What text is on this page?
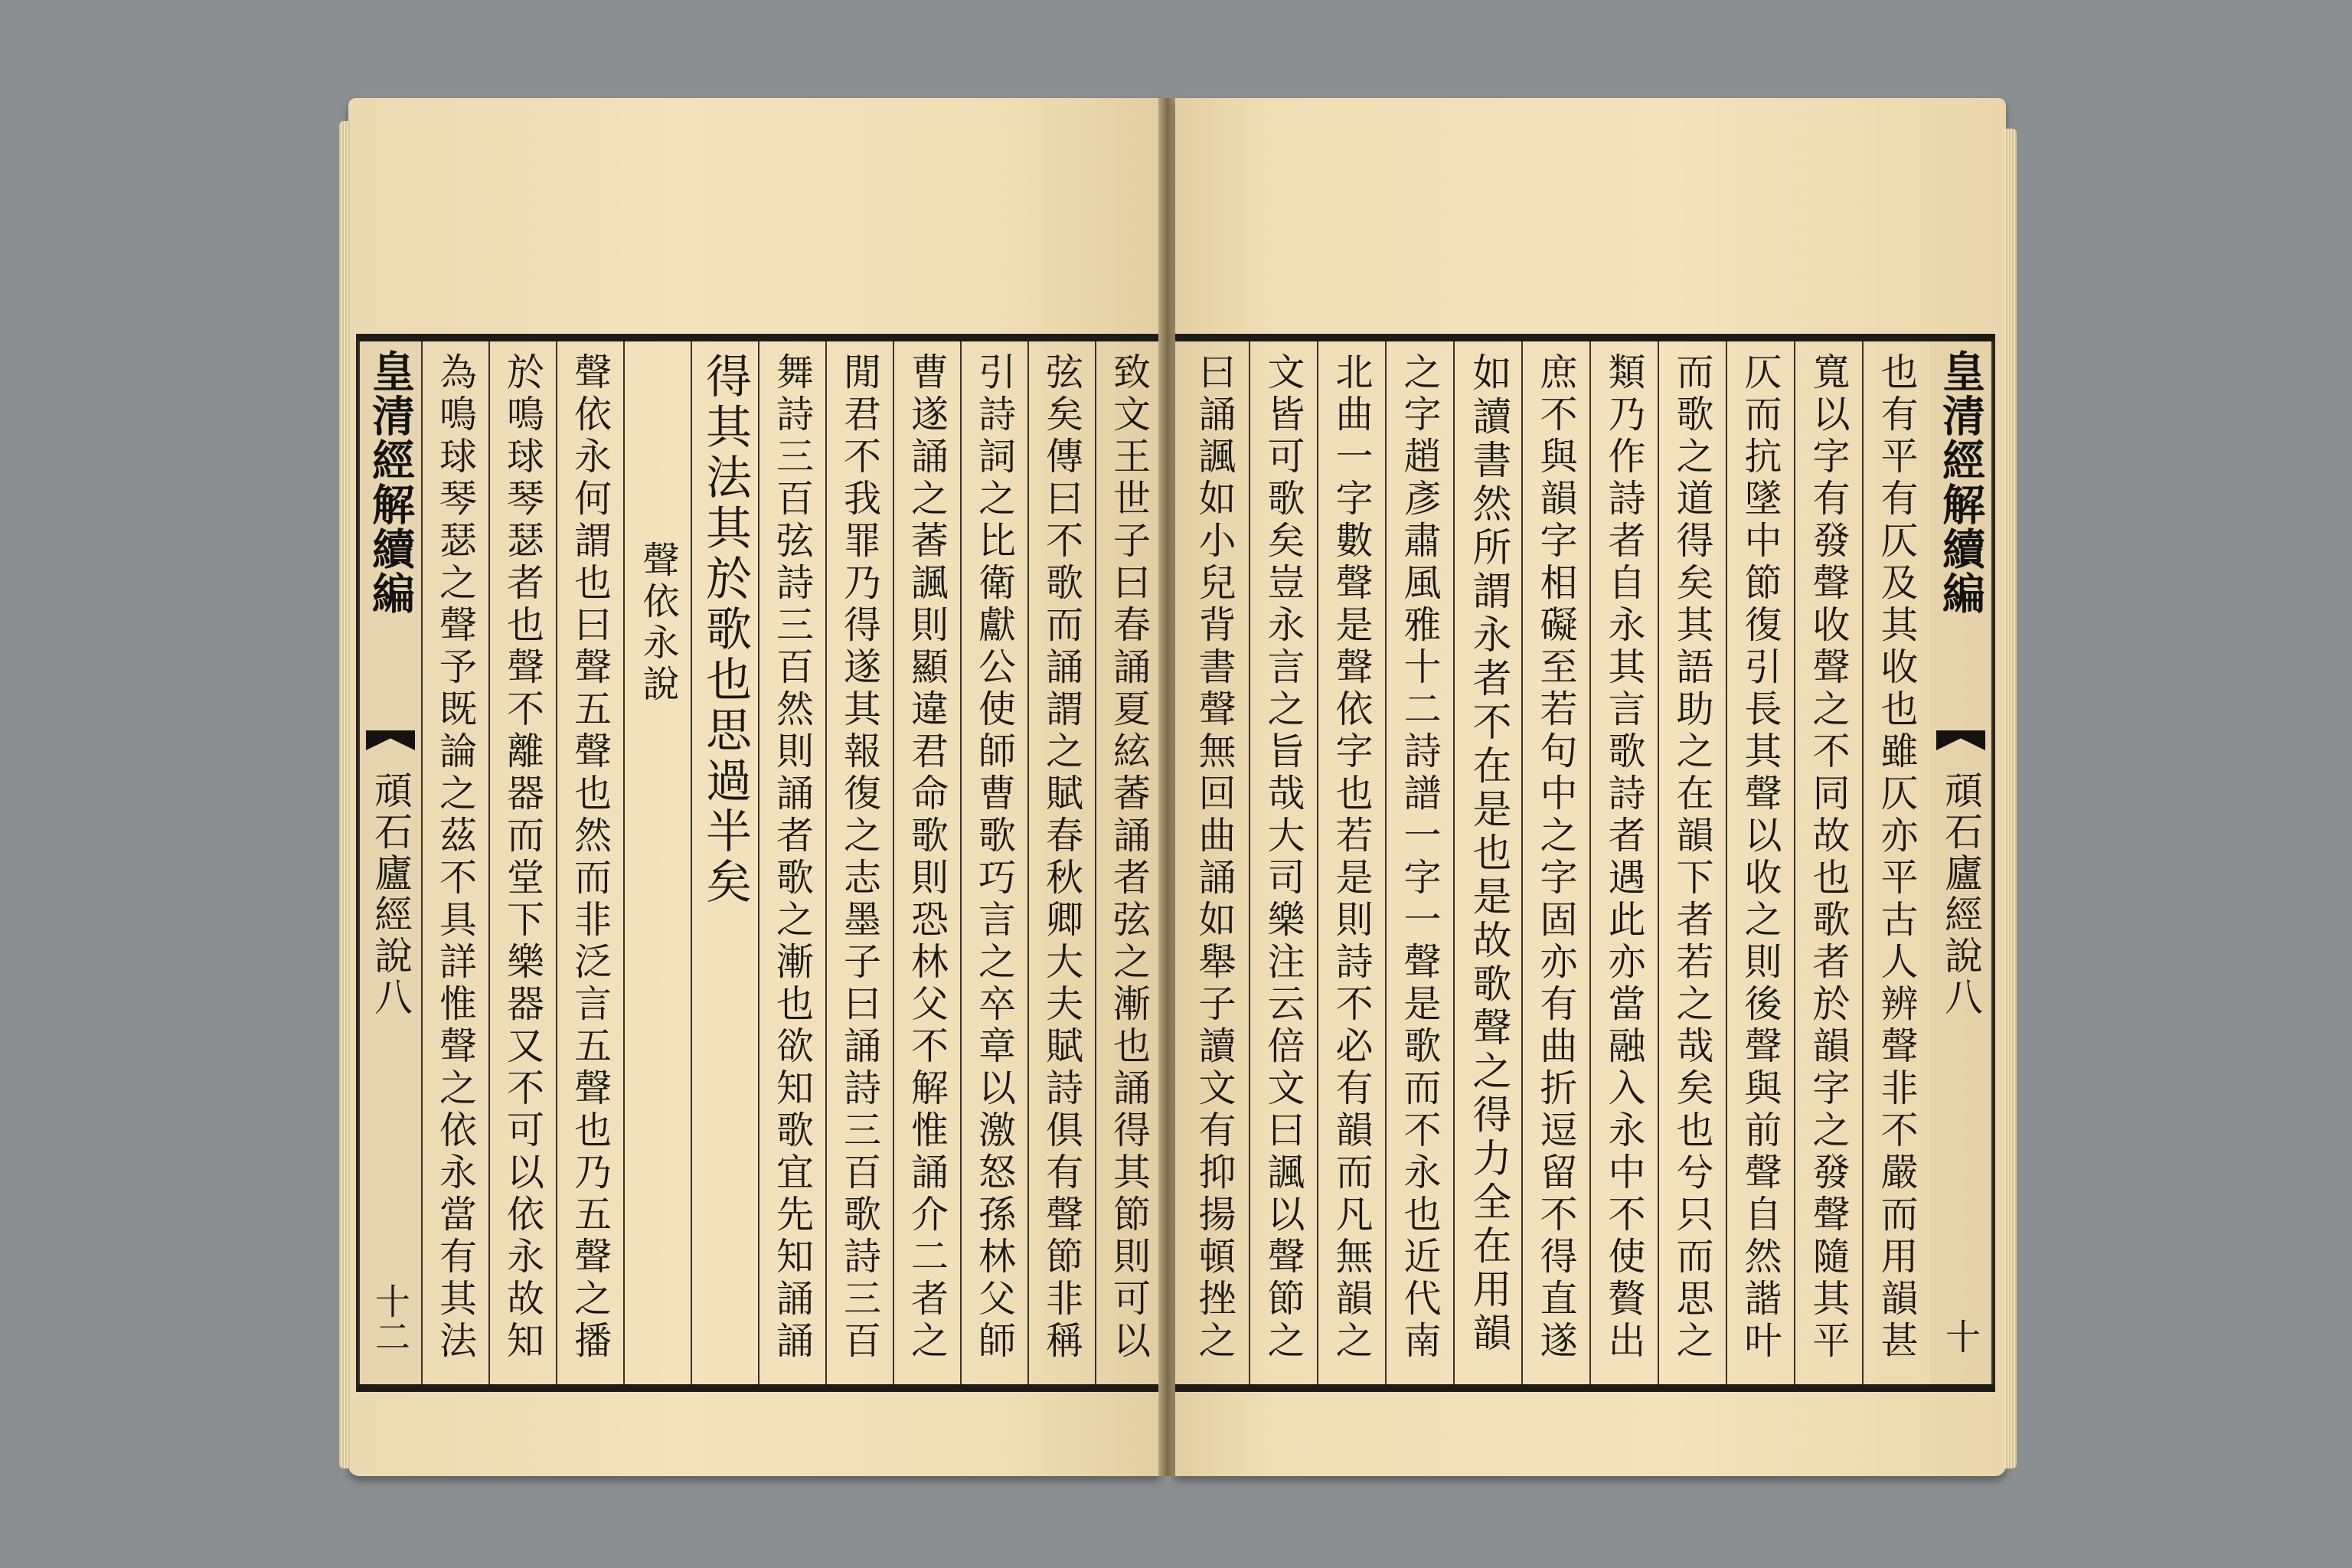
致文王世子曰春誦夏絃萫誦者弦之漸也誦得其節則可以
弦矣傳曰不歌而誦謂之賦春秋卿大夫賦詩俱有聲節非稱
引詩詞之比衛獻公使師曹歌巧言之卒章以激怒孫林父師
曹遂誦之萫諷則顯違君命歌則恐林父不解惟誦介二者之
閒君不我罪乃得遂其報復之志墨子曰誦詩三百歌詩三百
舞詩三百弦詩三百然則誦者歌之漸也欲知歌宜先知誦誦
得其法其於歌也思過半矣
聲依永說
聲依永何謂也曰聲五聲也然而非泛言五聲也乃五聲之播
於鳴球琴瑟者也聲不離器而堂下樂器又不可以依永故知
為鳴球琴瑟之聲予既論之茲不具詳惟聲之依永當有其法
皇清經解續編
頑石廬經說八
十二
皇清經解續編
頑石廬經說八
十
也有平有仄及其收也雖仄亦平古人辨聲非不嚴而用韻甚
寬以字有發聲收聲之不同故也歌者於韻字之發聲隨其平
仄而抗墜中節復引長其聲以收之則後聲與前聲自然諧叶
而歌之道得矣其語助之在韻下者若之哉矣也兮只而思之
類乃作詩者自永其言歌詩者遇此亦當融入永中不使贅出
庶不與韻字相礙至若句中之字固亦有曲折逗留不得直遂
如讀書然所謂永者不在是也是故歌聲之得力全在用韻
之字趙彥肅風雅十二詩譜一字一聲是歌而不永也近代南
北曲一字數聲是聲依字也若是則詩不必有韻而凡無韻之
文皆可歌矣豈永言之旨哉大司樂注云倍文曰諷以聲節之
曰誦諷如小兒背書聲無回曲誦如舉子讀文有抑揚頓挫之
